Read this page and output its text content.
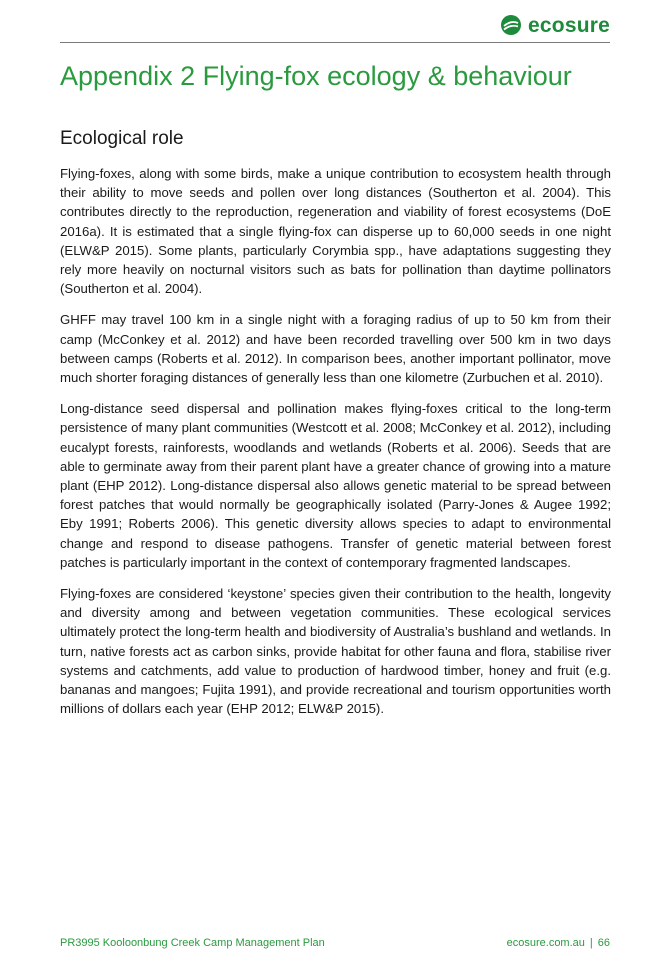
ecosure
Appendix 2 Flying-fox ecology & behaviour
Ecological role

Flying-foxes, along with some birds, make a unique contribution to ecosystem health through their ability to move seeds and pollen over long distances (Southerton et al. 2004). This contributes directly to the reproduction, regeneration and viability of forest ecosystems (DoE 2016a). It is estimated that a single flying-fox can disperse up to 60,000 seeds in one night (ELW&P 2015). Some plants, particularly Corymbia spp., have adaptations suggesting they rely more heavily on nocturnal visitors such as bats for pollination than daytime pollinators (Southerton et al. 2004).

GHFF may travel 100 km in a single night with a foraging radius of up to 50 km from their camp (McConkey et al. 2012) and have been recorded travelling over 500 km in two days between camps (Roberts et al. 2012). In comparison bees, another important pollinator, move much shorter foraging distances of generally less than one kilometre (Zurbuchen et al. 2010).

Long-distance seed dispersal and pollination makes flying-foxes critical to the long-term persistence of many plant communities (Westcott et al. 2008; McConkey et al. 2012), including eucalypt forests, rainforests, woodlands and wetlands (Roberts et al. 2006). Seeds that are able to germinate away from their parent plant have a greater chance of growing into a mature plant (EHP 2012). Long-distance dispersal also allows genetic material to be spread between forest patches that would normally be geographically isolated (Parry-Jones & Augee 1992; Eby 1991; Roberts 2006). This genetic diversity allows species to adapt to environmental change and respond to disease pathogens. Transfer of genetic material between forest patches is particularly important in the context of contemporary fragmented landscapes.

Flying-foxes are considered ‘keystone’ species given their contribution to the health, longevity and diversity among and between vegetation communities. These ecological services ultimately protect the long-term health and biodiversity of Australia’s bushland and wetlands. In turn, native forests act as carbon sinks, provide habitat for other fauna and flora, stabilise river systems and catchments, add value to production of hardwood timber, honey and fruit (e.g. bananas and mangoes; Fujita 1991), and provide recreational and tourism opportunities worth millions of dollars each year (EHP 2012; ELW&P 2015).

PR3995 Kooloonbung Creek Camp Management Plan	ecosure.com.au | 66
